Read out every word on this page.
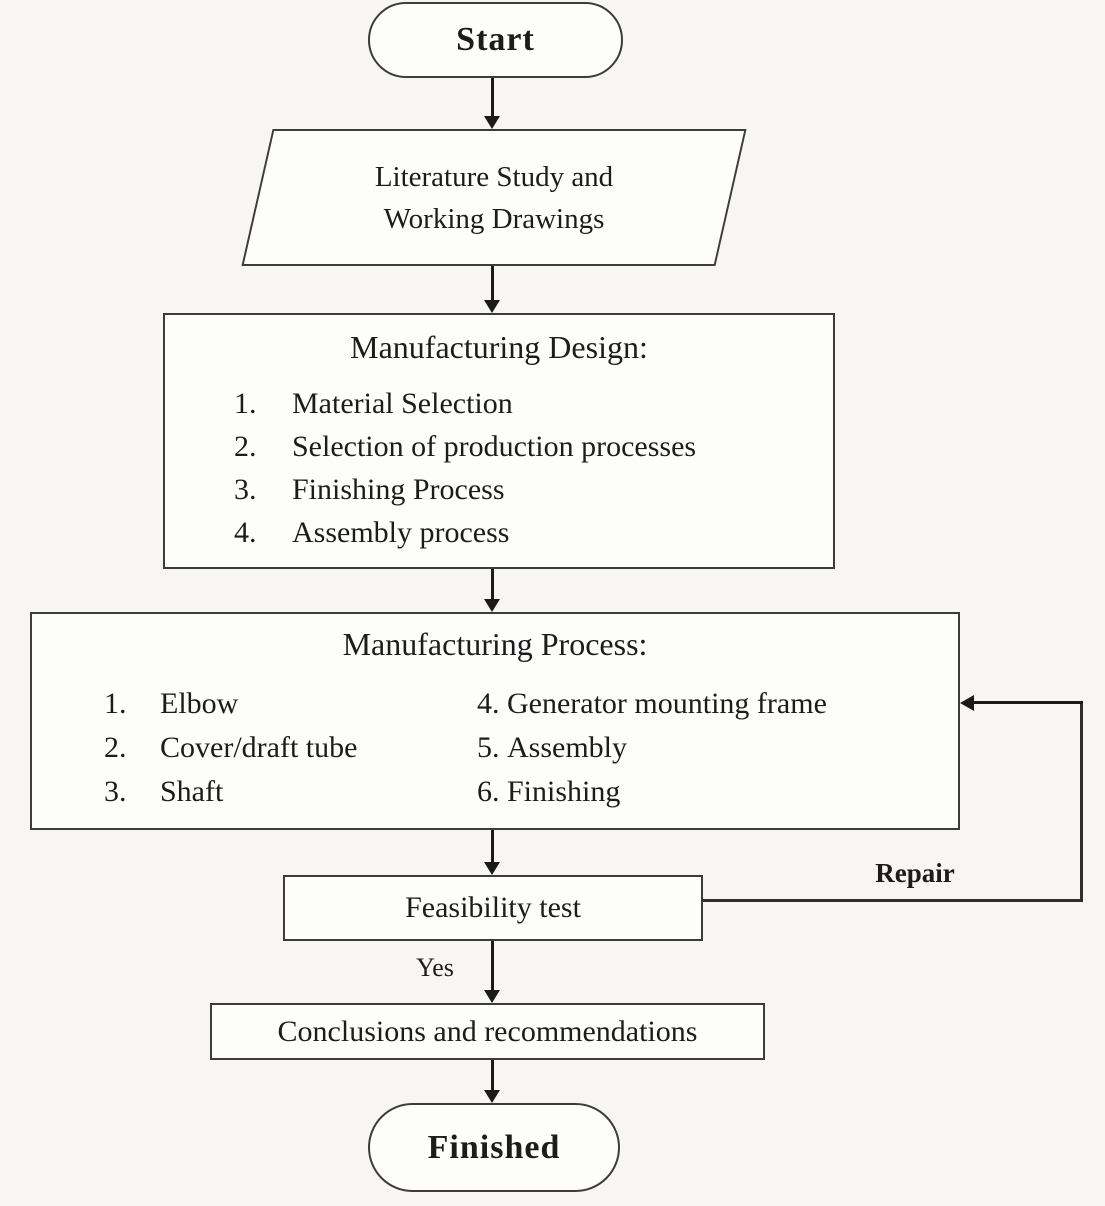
Start
Literature Study and
Working Drawings
Manufacturing Design:
1.	Material Selection
2.	Selection of production processes
3.	Finishing Process
4.	Assembly process
Manufacturing Process:
1.	Elbow
2.	Cover/draft tube
3.	Shaft
4. Generator mounting frame
5. Assembly
6. Finishing
Feasibility test
Repair
Yes
Conclusions and recommendations
Finished
